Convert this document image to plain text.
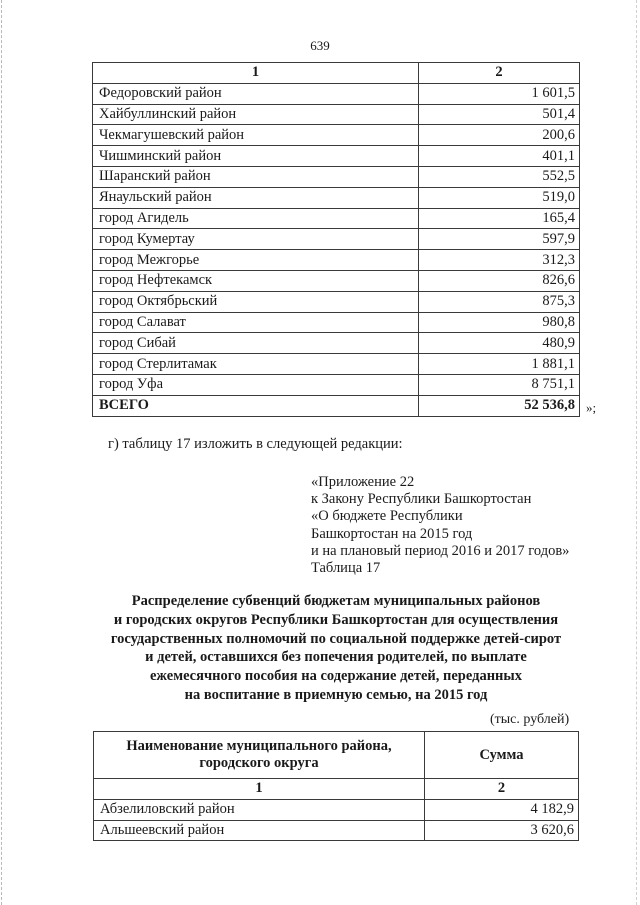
639
1	2
Федоровский район	1 601,5
Хайбуллинский район	501,4
Чекмагушевский район	200,6
Чишминский район	401,1
Шаранский район	552,5
Янаульский район	519,0
город Агидель	165,4
город Кумертау	597,9
город Межгорье	312,3
город Нефтекамск	826,6
город Октябрьский	875,3
город Салават	980,8
город Сибай	480,9
город Стерлитамак	1 881,1
город Уфа	8 751,1
ВСЕГО	52 536,8 »;
г) таблицу 17 изложить в следующей редакции:
«Приложение 22
к Закону Республики Башкортостан
«О бюджете Республики
Башкортостан на 2015 год
и на плановый период 2016 и 2017 годов»
Таблица 17
Распределение субвенций бюджетам муниципальных районов
и городских округов Республики Башкортостан для осуществления
государственных полномочий по социальной поддержке детей-сирот
и детей, оставшихся без попечения родителей, по выплате
ежемесячного пособия на содержание детей, переданных
на воспитание в приемную семью, на 2015 год
(тыс. рублей)
Наименование муниципального района, городского округа	Сумма
1	2
Абзелиловский район	4 182,9
Альшеевский район	3 620,6
